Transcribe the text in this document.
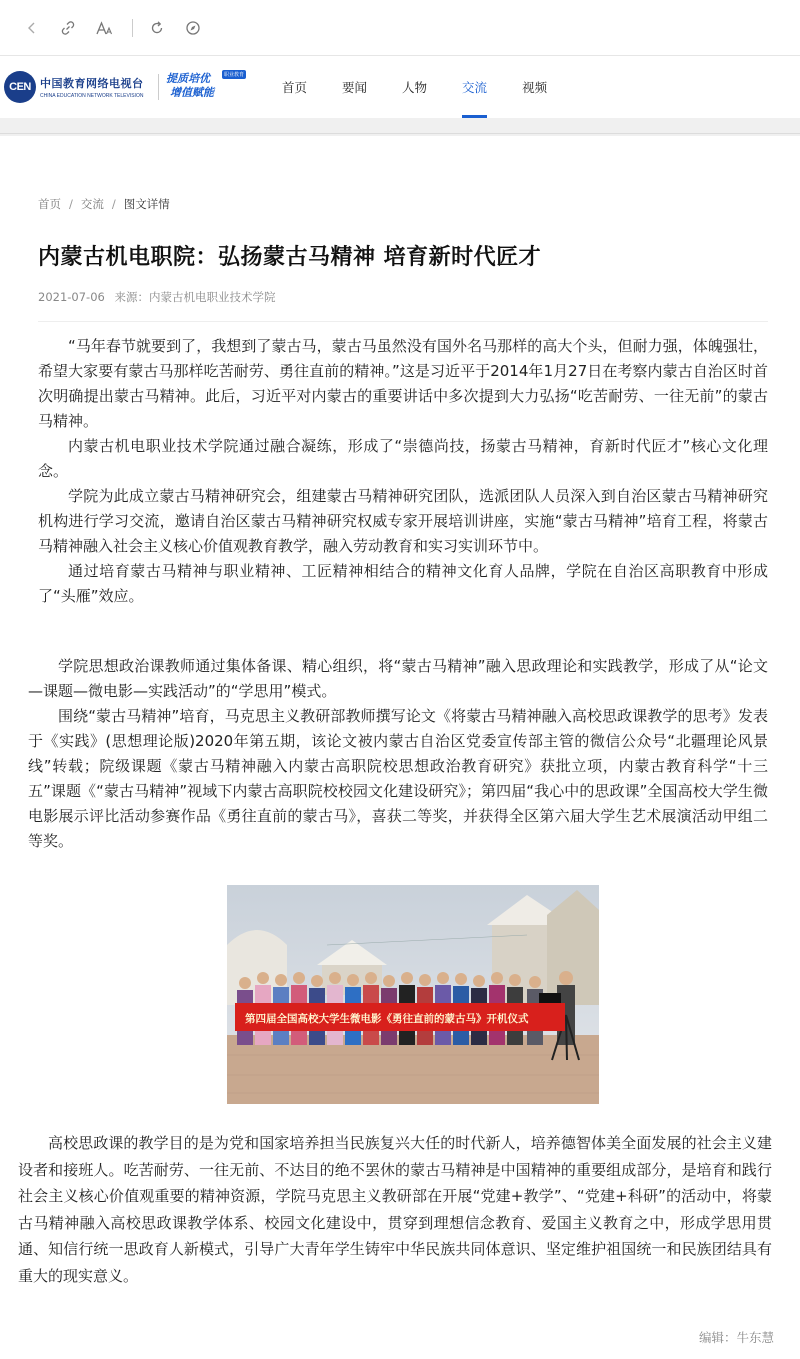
CEN 中国教育网络电视台
CHINA EDUCATION NETWORK TELEVISION
提质培优
增值赋能
职业教育
首页	要闻	人物	交流	视频
首页 / 交流 / 图文详情
内蒙古机电职院：弘扬蒙古马精神 培育新时代匠才
2021-07-06 来源：内蒙古机电职业技术学院

“马年春节就要到了，我想到了蒙古马，蒙古马虽然没有国外名马那样的高大个头，但耐力强，体魄强壮，希望大家要有蒙古马那样吃苦耐劳、勇往直前的精神。”这是习近平于2014年1月27日在考察内蒙古自治区时首次明确提出蒙古马精神。此后，习近平对内蒙古的重要讲话中多次提到大力弘扬“吃苦耐劳、一往无前”的蒙古马精神。

内蒙古机电职业技术学院通过融合凝练，形成了“崇德尚技，扬蒙古马精神，育新时代匠才”核心文化理念。

学院为此成立蒙古马精神研究会，组建蒙古马精神研究团队，选派团队人员深入到自治区蒙古马精神研究机构进行学习交流，邀请自治区蒙古马精神研究权威专家开展培训讲座，实施“蒙古马精神”培育工程，将蒙古马精神融入社会主义核心价值观教育教学，融入劳动教育和实习实训环节中。

通过培育蒙古马精神与职业精神、工匠精神相结合的精神文化育人品牌，学院在自治区高职教育中形成了“头雁”效应。

学院思想政治课教师通过集体备课、精心组织，将“蒙古马精神”融入思政理论和实践教学，形成了从“论文—课题—微电影—实践活动”的“学思用”模式。

围绕“蒙古马精神”培育，马克思主义教研部教师撰写论文《将蒙古马精神融入高校思政课教学的思考》发表于《实践》(思想理论版)2020年第五期，该论文被内蒙古自治区党委宣传部主管的微信公众号“北疆理论风景线”转载；院级课题《蒙古马精神融入内蒙古高职院校思想政治教育研究》获批立项，内蒙古教育科学“十三五”课题《“蒙古马精神”视域下内蒙古高职院校校园文化建设研究》；第四届“我心中的思政课”全国高校大学生微电影展示评比活动参赛作品《勇往直前的蒙古马》，喜获二等奖，并获得全区第六届大学生艺术展演活动甲组二等奖。

第四届全国高校大学生微电影《勇往直前的蒙古马》开机仪式

高校思政课的教学目的是为党和国家培养担当民族复兴大任的时代新人，培养德智体美全面发展的社会主义建设者和接班人。吃苦耐劳、一往无前、不达目的绝不罢休的蒙古马精神是中国精神的重要组成部分，是培育和践行社会主义核心价值观重要的精神资源，学院马克思主义教研部在开展“党建+教学”、“党建+科研”的活动中，将蒙古马精神融入高校思政课教学体系、校园文化建设中，贯穿到理想信念教育、爱国主义教育之中，形成学思用贯通、知信行统一思政育人新模式，引导广大青年学生铸牢中华民族共同体意识、坚定维护祖国统一和民族团结具有重大的现实意义。

编辑：牛东慧
